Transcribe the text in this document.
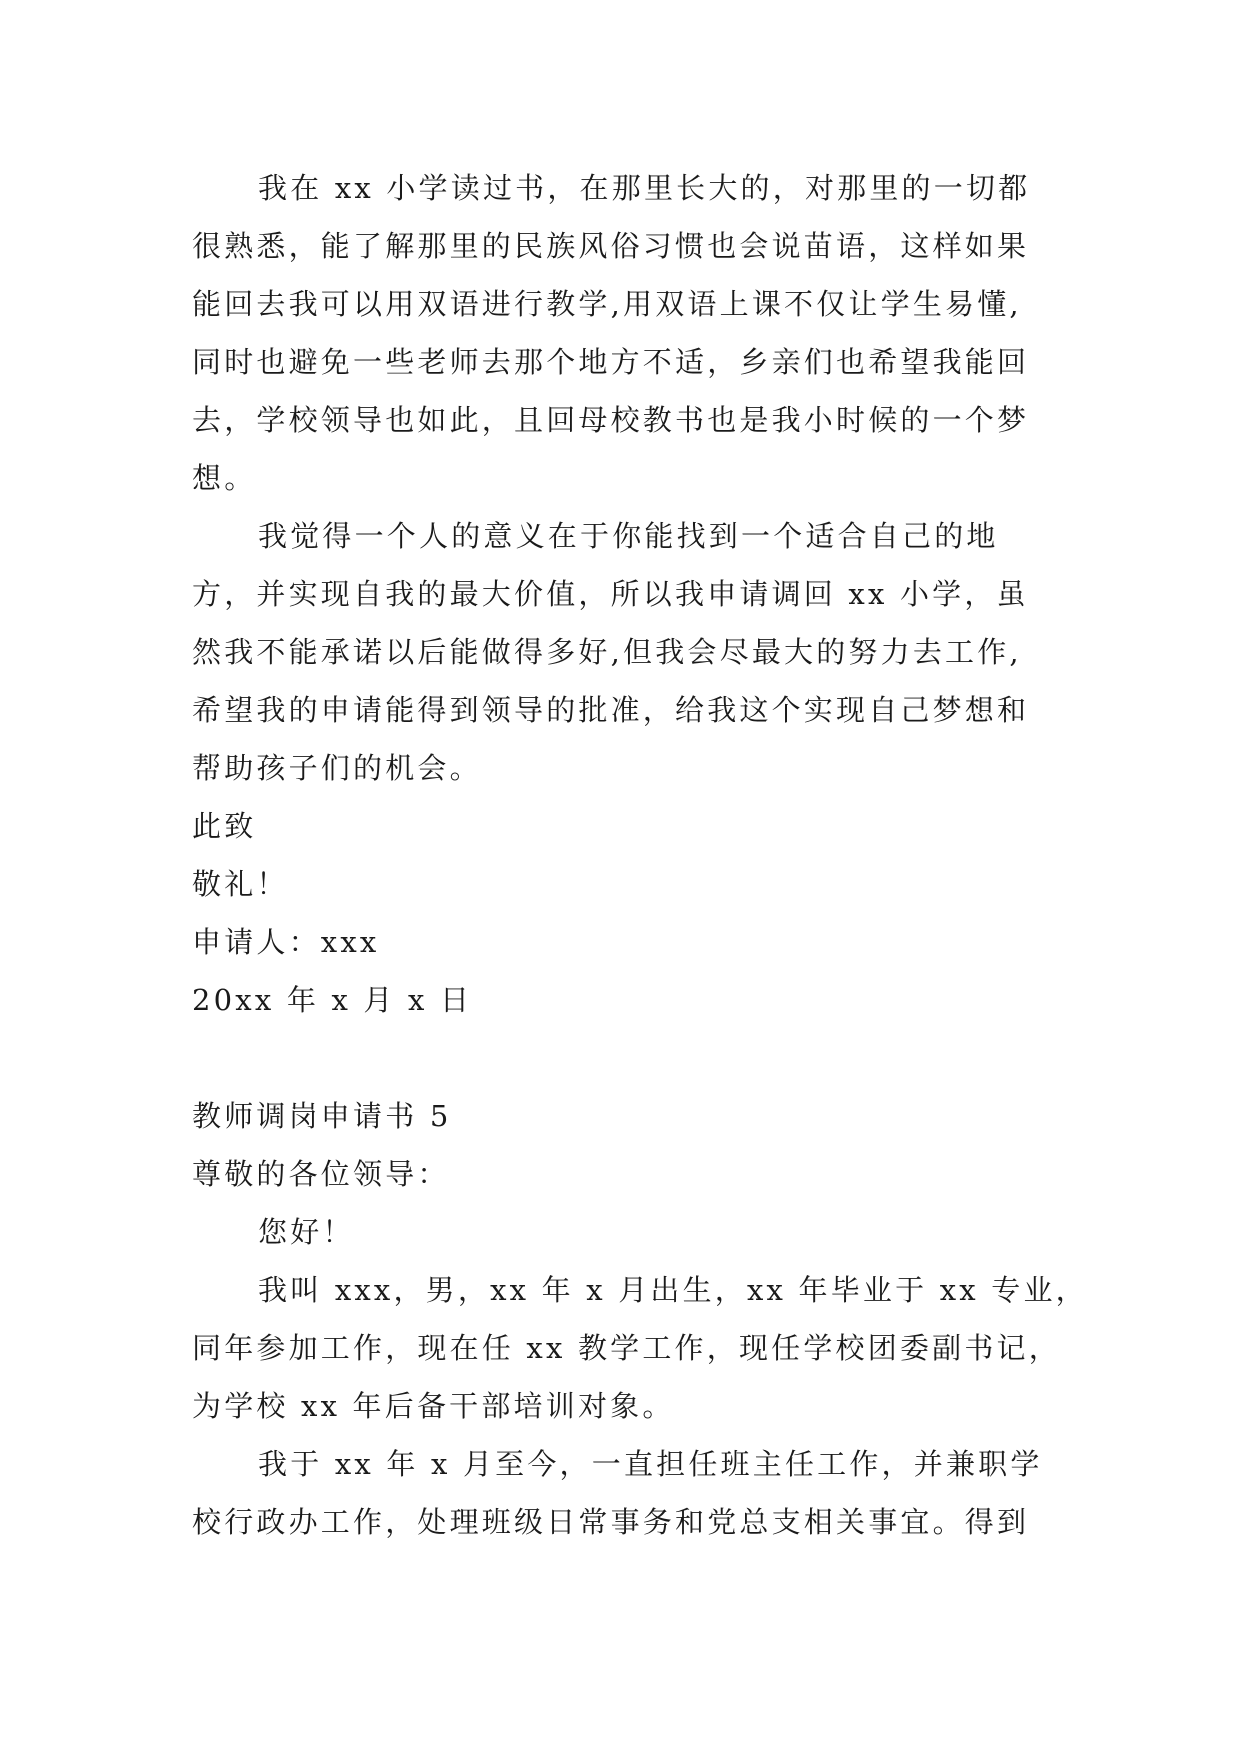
我在 xx 小学读过书，在那里长大的，对那里的一切都

很熟悉，能了解那里的民族风俗习惯也会说苗语，这样如果

能回去我可以用双语进行教学,用双语上课不仅让学生易懂,

同时也避免一些老师去那个地方不适，乡亲们也希望我能回

去，学校领导也如此，且回母校教书也是我小时候的一个梦

想。

我觉得一个人的意义在于你能找到一个适合自己的地

方，并实现自我的最大价值，所以我申请调回 xx 小学，虽

然我不能承诺以后能做得多好,但我会尽最大的努力去工作,

希望我的申请能得到领导的批准，给我这个实现自己梦想和

帮助孩子们的机会。

此致

敬礼！

申请人：xxx

20xx 年 x 月 x 日

教师调岗申请书 5

尊敬的各位领导：

您好！

我叫 xxx，男，xx 年 x 月出生，xx 年毕业于 xx 专业，

同年参加工作，现在任 xx 教学工作，现任学校团委副书记，

为学校 xx 年后备干部培训对象。

我于 xx 年 x 月至今，一直担任班主任工作，并兼职学

校行政办工作，处理班级日常事务和党总支相关事宜。得到
